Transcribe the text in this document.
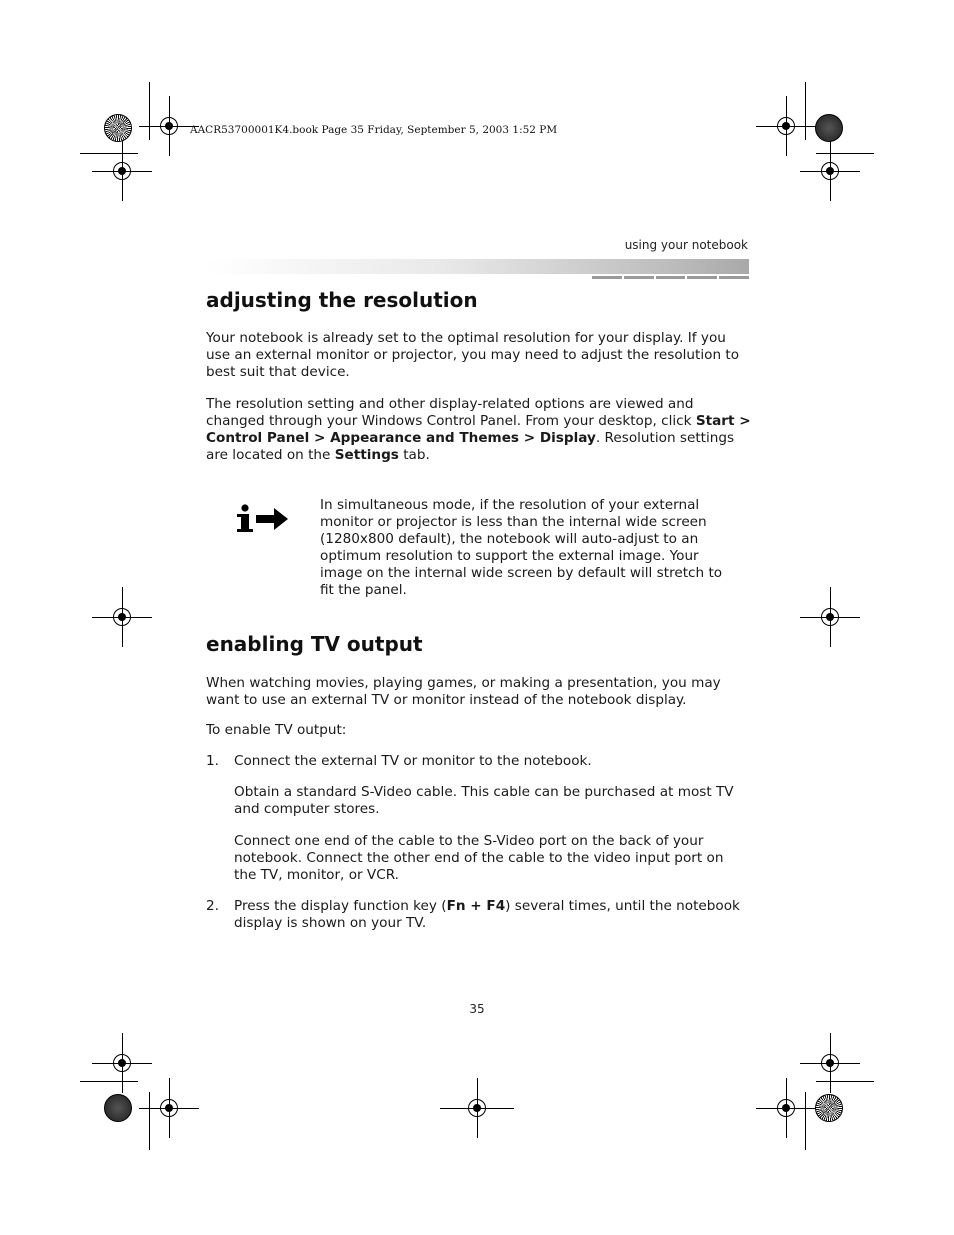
AACR53700001K4.book Page 35 Friday, September 5, 2003 1:52 PM
using your notebook
adjusting the resolution

Your notebook is already set to the optimal resolution for your display. If you use an external monitor or projector, you may need to adjust the resolution to best suit that device.

The resolution setting and other display-related options are viewed and changed through your Windows Control Panel. From your desktop, click Start > Control Panel > Appearance and Themes > Display. Resolution settings are located on the Settings tab.

In simultaneous mode, if the resolution of your external monitor or projector is less than the internal wide screen (1280x800 default), the notebook will auto-adjust to an optimum resolution to support the external image. Your image on the internal wide screen by default will stretch to fit the panel.

enabling TV output

When watching movies, playing games, or making a presentation, you may want to use an external TV or monitor instead of the notebook display.

To enable TV output:

1.	Connect the external TV or monitor to the notebook.

Obtain a standard S-Video cable. This cable can be purchased at most TV and computer stores.

Connect one end of the cable to the S-Video port on the back of your notebook. Connect the other end of the cable to the video input port on the TV, monitor, or VCR.

2.	Press the display function key (Fn + F4) several times, until the notebook display is shown on your TV.

35
